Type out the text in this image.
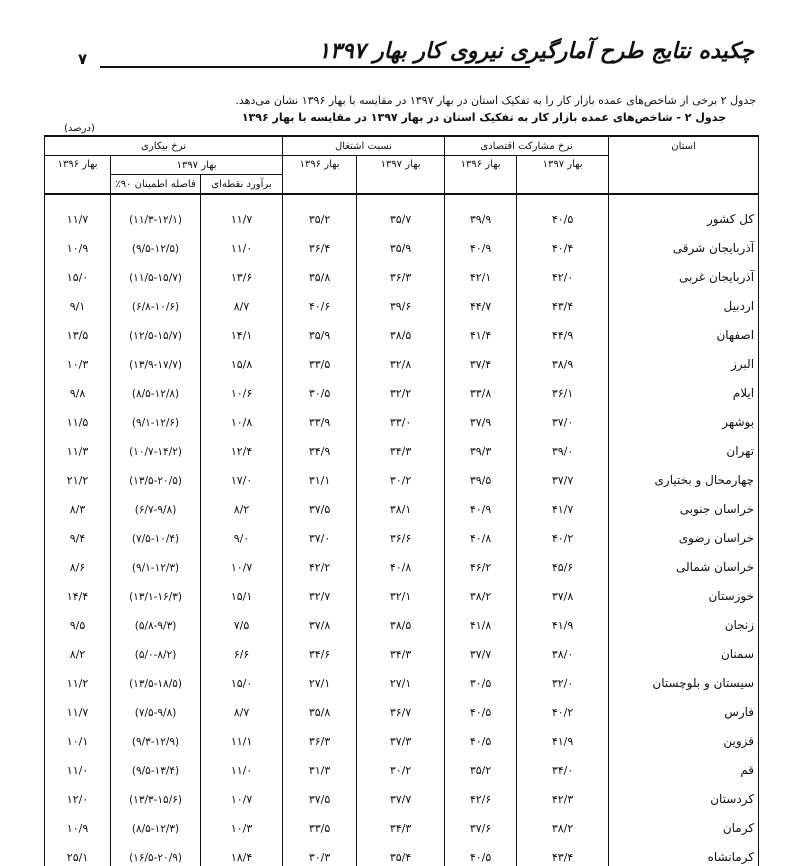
۷	چکیده نتایج طرح آمارگیری نیروی کار بهار ۱۳۹۷
جدول ۲ برخی از شاخص‌های عمده بازار کار را به تفکیک استان در بهار ۱۳۹۷ در مقایسه با بهار ۱۳۹۶ نشان می‌دهد.
جدول ۲ - شاخص‌های عمده بازار کار به تفکیک استان در بهار ۱۳۹۷ در مقایسه با بهار ۱۳۹۶
(درصد)
استان	نرخ مشارکت اقتصادی		نسبت اشتغال		نرخ بیکاری		
	بهار ۱۳۹۷	بهار ۱۳۹۶	بهار ۱۳۹۷	بهار ۱۳۹۶	بهار ۱۳۹۷		بهار ۱۳۹۶
					برآورد نقطه‌ای	فاصله اطمینان ۹۰٪	
کل کشور	۴۰/۵	۳۹/۹	۳۵/۷	۳۵/۲	۱۱/۷	(۱۱/۳-۱۲/۱)	۱۱/۷
آذربایجان شرقی	۴۰/۴	۴۰/۹	۳۵/۹	۳۶/۴	۱۱/۰	(۹/۵-۱۲/۵)	۱۰/۹
آذربایجان غربی	۴۲/۰	۴۲/۱	۳۶/۳	۳۵/۸	۱۳/۶	(۱۱/۵-۱۵/۷)	۱۵/۰
اردبیل	۴۳/۴	۴۴/۷	۳۹/۶	۴۰/۶	۸/۷	(۶/۸-۱۰/۶)	۹/۱
اصفهان	۴۴/۹	۴۱/۴	۳۸/۵	۳۵/۹	۱۴/۱	(۱۲/۵-۱۵/۷)	۱۳/۵
البرز	۳۸/۹	۳۷/۴	۳۲/۸	۳۳/۵	۱۵/۸	(۱۳/۹-۱۷/۷)	۱۰/۳
ایلام	۳۶/۱	۳۳/۸	۳۲/۲	۳۰/۵	۱۰/۶	(۸/۵-۱۲/۸)	۹/۸
بوشهر	۳۷/۰	۳۷/۹	۳۳/۰	۳۳/۹	۱۰/۸	(۹/۱-۱۲/۶)	۱۱/۵
تهران	۳۹/۰	۳۹/۳	۳۴/۳	۳۴/۹	۱۲/۴	(۱۰/۷-۱۴/۲)	۱۱/۳
چهارمحال و بختیاری	۳۷/۷	۳۹/۵	۳۰/۲	۳۱/۱	۱۷/۰	(۱۳/۵-۲۰/۵)	۲۱/۲
خراسان جنوبی	۴۱/۷	۴۰/۹	۳۸/۱	۳۷/۵	۸/۲	(۶/۷-۹/۸)	۸/۳
خراسان رضوی	۴۰/۲	۴۰/۸	۳۶/۶	۳۷/۰	۹/۰	(۷/۵-۱۰/۴)	۹/۴
خراسان شمالی	۴۵/۶	۴۶/۲	۴۰/۸	۴۲/۲	۱۰/۷	(۹/۱-۱۲/۳)	۸/۶
خوزستان	۳۷/۸	۳۸/۲	۳۲/۱	۳۲/۷	۱۵/۱	(۱۳/۱-۱۶/۳)	۱۴/۴
زنجان	۴۱/۹	۴۱/۸	۳۸/۵	۳۷/۸	۷/۵	(۵/۸-۹/۳)	۹/۵
سمنان	۳۸/۰	۳۷/۷	۳۴/۳	۳۴/۶	۶/۶	(۵/۰-۸/۲)	۸/۲
سیستان و بلوچستان	۳۲/۰	۳۰/۵	۲۷/۱	۲۷/۱	۱۵/۰	(۱۳/۵-۱۸/۵)	۱۱/۲
فارس	۴۰/۲	۴۰/۵	۳۶/۷	۳۵/۸	۸/۷	(۷/۵-۹/۸)	۱۱/۷
قزوین	۴۱/۹	۴۰/۵	۳۷/۳	۳۶/۳	۱۱/۱	(۹/۳-۱۲/۹)	۱۰/۱
قم	۳۴/۰	۳۵/۲	۳۰/۲	۳۱/۳	۱۱/۰	(۹/۵-۱۳/۴)	۱۱/۰
کردستان	۴۲/۳	۴۲/۶	۳۷/۷	۳۷/۵	۱۰/۷	(۱۳/۳-۱۵/۶)	۱۲/۰
کرمان	۳۸/۲	۳۷/۶	۳۴/۳	۳۳/۵	۱۰/۳	(۸/۵-۱۲/۳)	۱۰/۹
کرمانشاه	۴۳/۴	۴۰/۵	۳۵/۴	۳۰/۳	۱۸/۴	(۱۶/۵-۲۰/۹)	۲۵/۱
